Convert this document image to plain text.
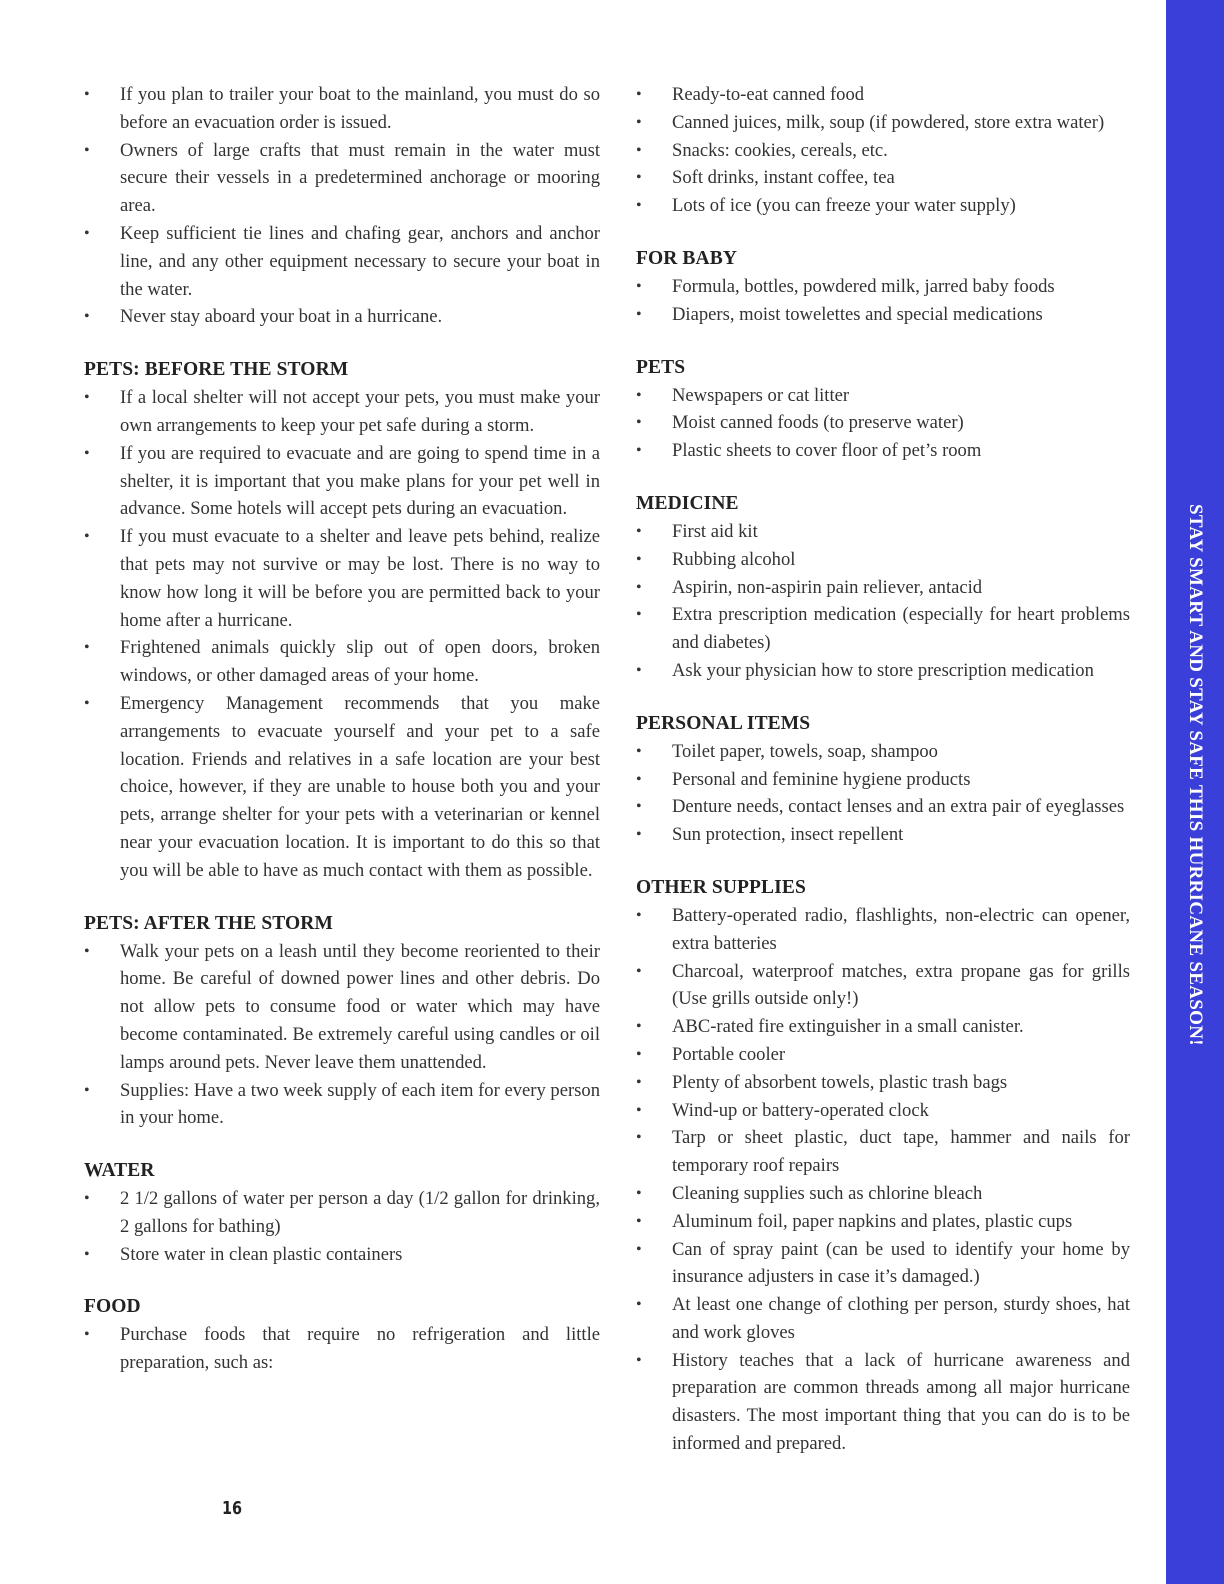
• If you plan to trailer your boat to the mainland, you must do so before an evacuation order is issued.
• Owners of large crafts that must remain in the water must secure their vessels in a predetermined anchorage or mooring area.
• Keep sufficient tie lines and chafing gear, anchors and anchor line, and any other equipment necessary to secure your boat in the water.
• Never stay aboard your boat in a hurricane.
PETS: BEFORE THE STORM
• If a local shelter will not accept your pets, you must make your own arrangements to keep your pet safe during a storm.
• If you are required to evacuate and are going to spend time in a shelter, it is important that you make plans for your pet well in advance. Some hotels will accept pets during an evacuation.
• If you must evacuate to a shelter and leave pets behind, realize that pets may not survive or may be lost. There is no way to know how long it will be before you are permitted back to your home after a hurricane.
• Frightened animals quickly slip out of open doors, broken windows, or other damaged areas of your home.
• Emergency Management recommends that you make arrangements to evacuate yourself and your pet to a safe location. Friends and relatives in a safe location are your best choice, however, if they are unable to house both you and your pets, arrange shelter for your pets with a veterinarian or kennel near your evacuation location. It is important to do this so that you will be able to have as much contact with them as possible.
PETS: AFTER THE STORM
• Walk your pets on a leash until they become reoriented to their home. Be careful of downed power lines and other debris. Do not allow pets to consume food or water which may have become contaminated. Be extremely careful using candles or oil lamps around pets. Never leave them unattended.
• Supplies: Have a two week supply of each item for every person in your home.
WATER
• 2 1/2 gallons of water per person a day (1/2 gallon for drinking, 2 gallons for bathing)
• Store water in clean plastic containers
FOOD
• Purchase foods that require no refrigeration and little preparation, such as:
• Ready-to-eat canned food
• Canned juices, milk, soup (if powdered, store extra water)
• Snacks: cookies, cereals, etc.
• Soft drinks, instant coffee, tea
• Lots of ice (you can freeze your water supply)
FOR BABY
• Formula, bottles, powdered milk, jarred baby foods
• Diapers, moist towelettes and special medications
PETS
• Newspapers or cat litter
• Moist canned foods (to preserve water)
• Plastic sheets to cover floor of pet’s room
MEDICINE
• First aid kit
• Rubbing alcohol
• Aspirin, non-aspirin pain reliever, antacid
• Extra prescription medication (especially for heart problems and diabetes)
• Ask your physician how to store prescription medication
PERSONAL ITEMS
• Toilet paper, towels, soap, shampoo
• Personal and feminine hygiene products
• Denture needs, contact lenses and an extra pair of eyeglasses
• Sun protection, insect repellent
OTHER SUPPLIES
• Battery-operated radio, flashlights, non-electric can opener, extra batteries
• Charcoal, waterproof matches, extra propane gas for grills (Use grills outside only!)
• ABC-rated fire extinguisher in a small canister.
• Portable cooler
• Plenty of absorbent towels, plastic trash bags
• Wind-up or battery-operated clock
• Tarp or sheet plastic, duct tape, hammer and nails for temporary roof repairs
• Cleaning supplies such as chlorine bleach
• Aluminum foil, paper napkins and plates, plastic cups
• Can of spray paint (can be used to identify your home by insurance adjusters in case it’s damaged.)
• At least one change of clothing per person, sturdy shoes, hat and work gloves
• History teaches that a lack of hurricane awareness and preparation are common threads among all major hurricane disasters. The most important thing that you can do is to be informed and prepared.
16
STAY SMART AND STAY SAFE THIS HURRICANE SEASON!
